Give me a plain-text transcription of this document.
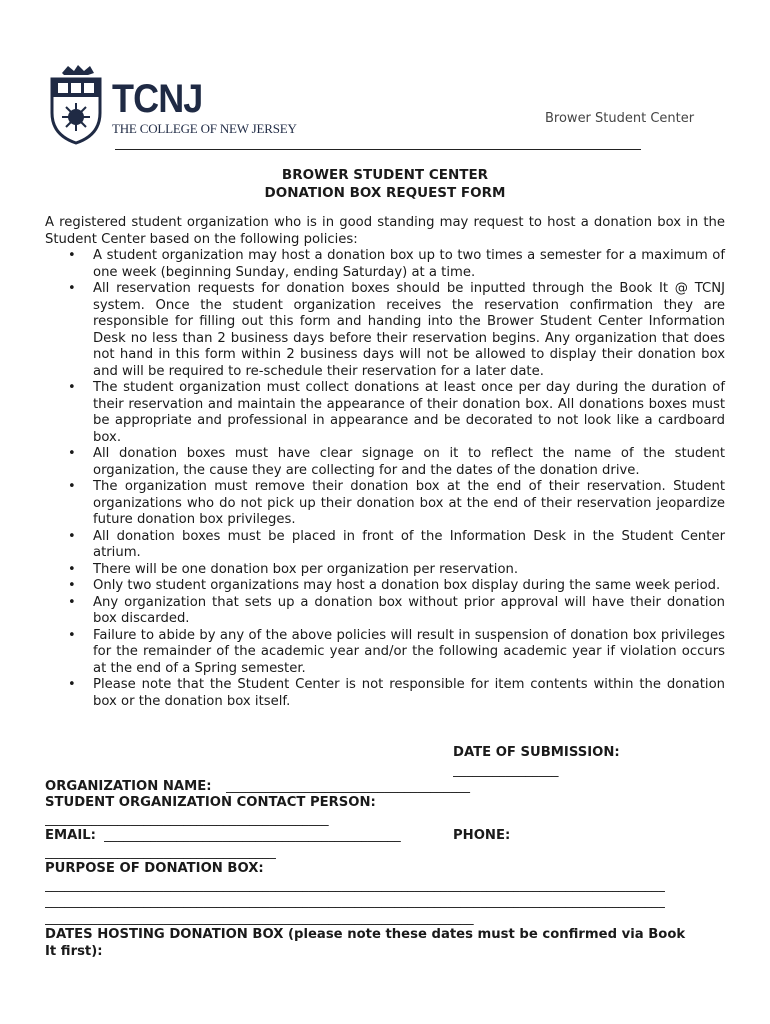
TCNJ
THE COLLEGE OF NEW JERSEY
Brower Student Center
BROWER STUDENT CENTER
DONATION BOX REQUEST FORM
A registered student organization who is in good standing may request to host a donation box in the Student Center based on the following policies:
• A student organization may host a donation box up to two times a semester for a maximum of one week (beginning Sunday, ending Saturday) at a time.
• All reservation requests for donation boxes should be inputted through the Book It @ TCNJ system. Once the student organization receives the reservation confirmation they are responsible for filling out this form and handing into the Brower Student Center Information Desk no less than 2 business days before their reservation begins. Any organization that does not hand in this form within 2 business days will not be allowed to display their donation box and will be required to re-schedule their reservation for a later date.
• The student organization must collect donations at least once per day during the duration of their reservation and maintain the appearance of their donation box. All donations boxes must be appropriate and professional in appearance and be decorated to not look like a cardboard box.
• All donation boxes must have clear signage on it to reflect the name of the student organization, the cause they are collecting for and the dates of the donation drive.
• The organization must remove their donation box at the end of their reservation. Student organizations who do not pick up their donation box at the end of their reservation jeopardize future donation box privileges.
• All donation boxes must be placed in front of the Information Desk in the Student Center atrium.
• There will be one donation box per organization per reservation.
• Only two student organizations may host a donation box display during the same week period.
• Any organization that sets up a donation box without prior approval will have their donation box discarded.
• Failure to abide by any of the above policies will result in suspension of donation box privileges for the remainder of the academic year and/or the following academic year if violation occurs at the end of a Spring semester.
• Please note that the Student Center is not responsible for item contents within the donation box or the donation box itself.
DATE OF SUBMISSION:
________________
ORGANIZATION NAME: _____________________________________
STUDENT ORGANIZATION CONTACT PERSON:
___________________________________________
EMAIL: _____________________________________________	PHONE:
___________________________________
PURPOSE OF DONATION BOX:
______________________________________________________________________________________________
______________________________________________________________________________________________
_________________________________________________________________
DATES HOSTING DONATION BOX (please note these dates must be confirmed via Book
It first):
